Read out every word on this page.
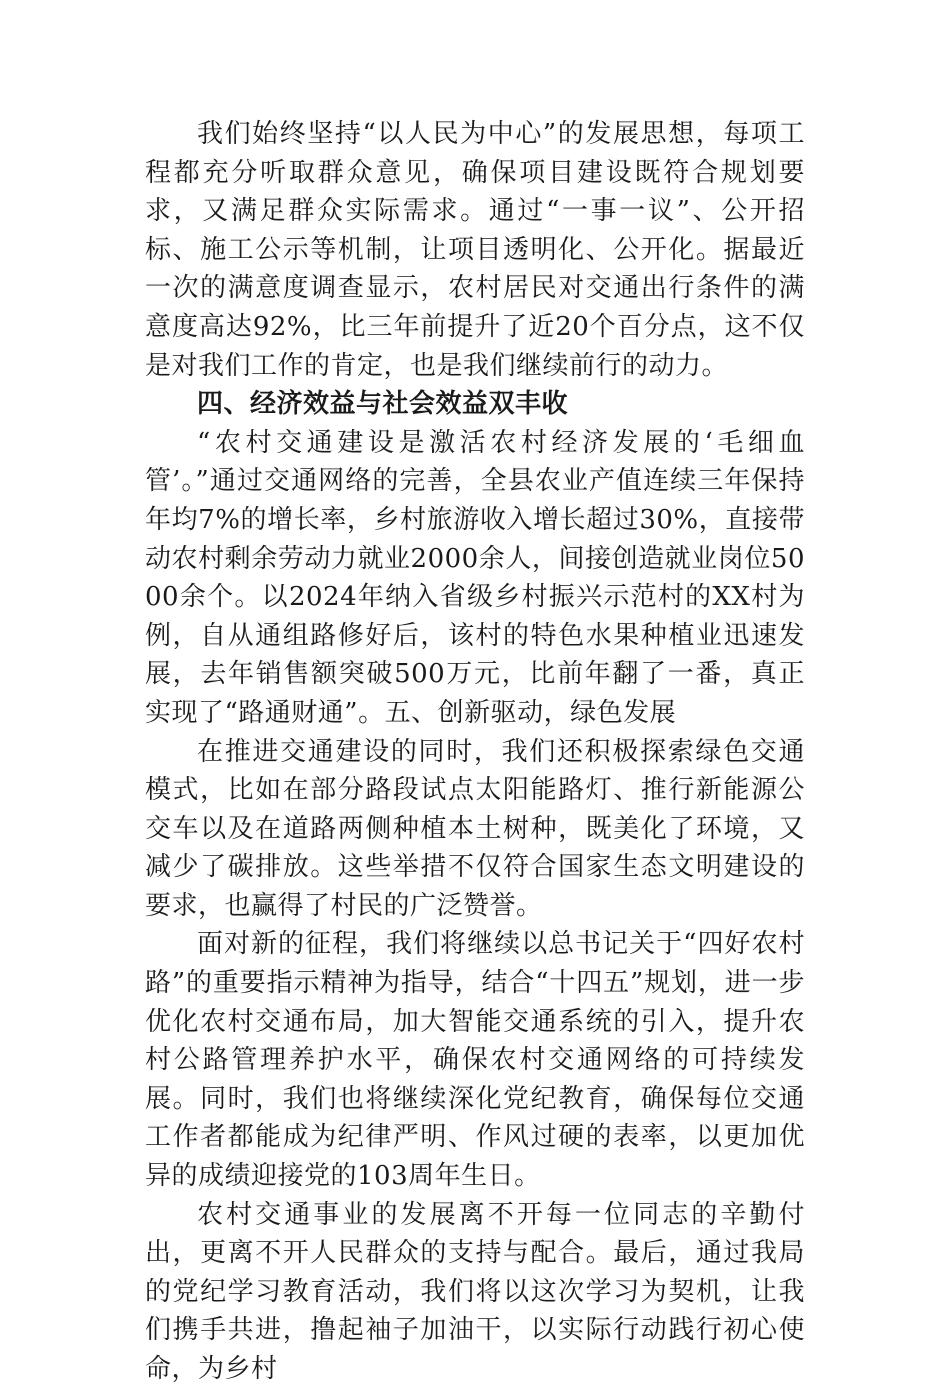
我们始终坚持“以人民为中心”的发展思想，每项工程都充分听取群众意见，确保项目建设既符合规划要求，又满足群众实际需求。通过“一事一议”、公开招标、施工公示等机制，让项目透明化、公开化。据最近一次的满意度调查显示，农村居民对交通出行条件的满意度高达92%，比三年前提升了近20个百分点，这不仅是对我们工作的肯定，也是我们继续前行的动力。

四、经济效益与社会效益双丰收

“农村交通建设是激活农村经济发展的‘毛细血管’。”通过交通网络的完善，全县农业产值连续三年保持年均7%的增长率，乡村旅游收入增长超过30%，直接带动农村剩余劳动力就业2000余人，间接创造就业岗位5000余个。以2024年纳入省级乡村振兴示范村的XX村为例，自从通组路修好后，该村的特色水果种植业迅速发展，去年销售额突破500万元，比前年翻了一番，真正实现了“路通财通”。五、创新驱动，绿色发展

在推进交通建设的同时，我们还积极探索绿色交通模式，比如在部分路段试点太阳能路灯、推行新能源公交车以及在道路两侧种植本土树种，既美化了环境，又减少了碳排放。这些举措不仅符合国家生态文明建设的要求，也赢得了村民的广泛赞誉。

面对新的征程，我们将继续以总书记关于“四好农村路”的重要指示精神为指导，结合“十四五”规划，进一步优化农村交通布局，加大智能交通系统的引入，提升农村公路管理养护水平，确保农村交通网络的可持续发展。同时，我们也将继续深化党纪教育，确保每位交通工作者都能成为纪律严明、作风过硬的表率，以更加优异的成绩迎接党的103周年生日。

农村交通事业的发展离不开每一位同志的辛勤付出，更离不开人民群众的支持与配合。最后，通过我局的党纪学习教育活动，我们将以这次学习为契机，让我们携手共进，撸起袖子加油干，以实际行动践行初心使命，为乡村
